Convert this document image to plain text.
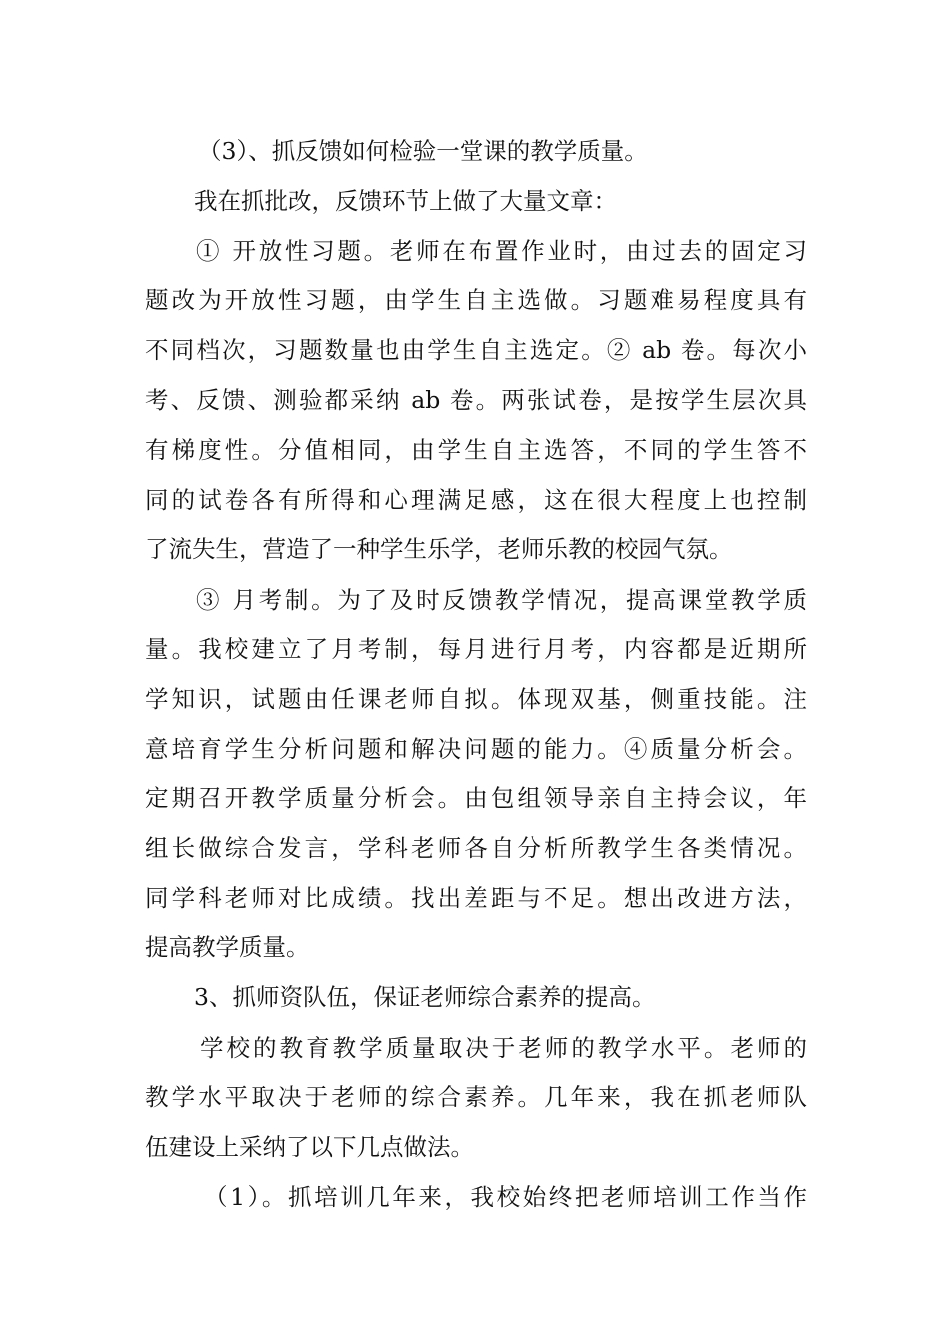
（3）、抓反馈如何检验一堂课的教学质量。
我在抓批改，反馈环节上做了大量文章：
① 开放性习题。老师在布置作业时，由过去的固定习
题改为开放性习题，由学生自主选做。习题难易程度具有
不同档次，习题数量也由学生自主选定。② ab 卷。每次小
考、反馈、测验都采纳 ab 卷。两张试卷，是按学生层次具
有梯度性。分值相同，由学生自主选答，不同的学生答不
同的试卷各有所得和心理满足感，这在很大程度上也控制
了流失生，营造了一种学生乐学，老师乐教的校园气氛。
③ 月考制。为了及时反馈教学情况，提高课堂教学质
量。我校建立了月考制，每月进行月考，内容都是近期所
学知识，试题由任课老师自拟。体现双基，侧重技能。注
意培育学生分析问题和解决问题的能力。④质量分析会。
定期召开教学质量分析会。由包组领导亲自主持会议，年
组长做综合发言，学科老师各自分析所教学生各类情况。
同学科老师对比成绩。找出差距与不足。想出改进方法，
提高教学质量。
3、抓师资队伍，保证老师综合素养的提高。
学校的教育教学质量取决于老师的教学水平。老师的
教学水平取决于老师的综合素养。几年来，我在抓老师队
伍建设上采纳了以下几点做法。
（1）。抓培训几年来，我校始终把老师培训工作当作
